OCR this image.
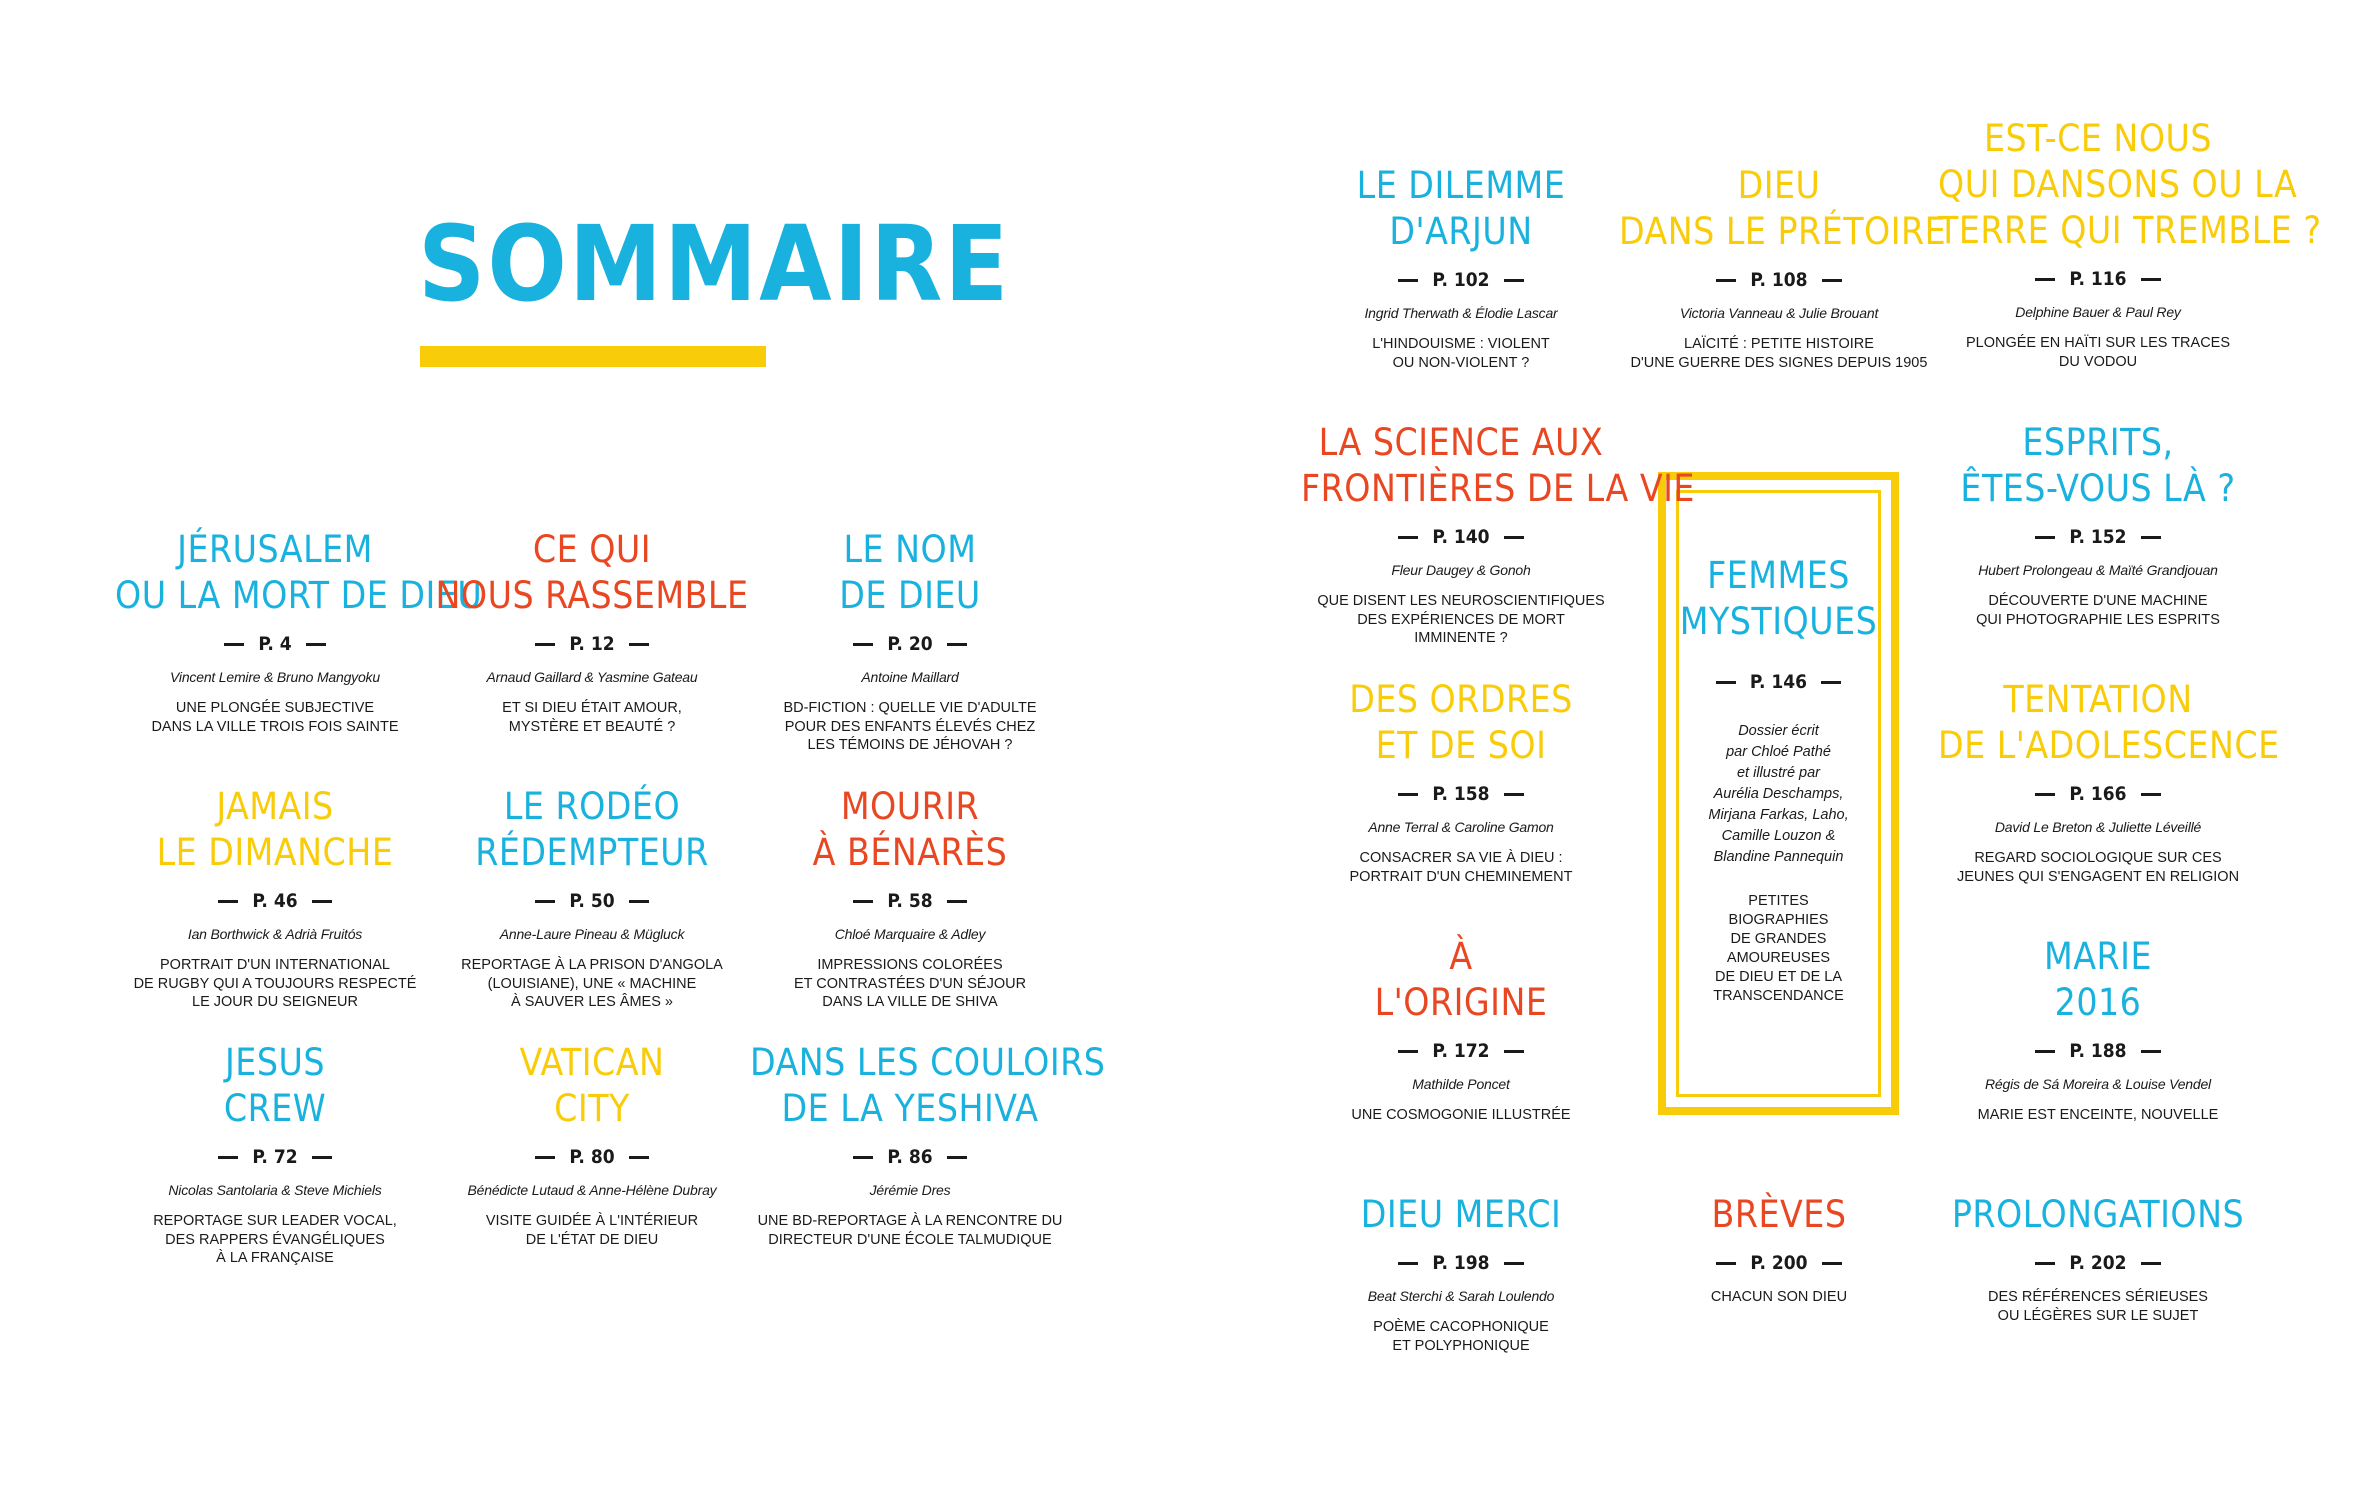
SOMMAIRE
FEMMES
MYSTIQUES
P. 146
Dossier écrit
par Chloé Pathé
et illustré par
Aurélia Deschamps,
Mirjana Farkas, Laho,
Camille Louzon &
Blandine Pannequin
PETITES
BIOGRAPHIES
DE GRANDES
AMOUREUSES
DE DIEU ET DE LA
TRANSCENDANCE
JÉRUSALEM
OU LA MORT DE DIEU
P. 4
Vincent Lemire & Bruno Mangyoku
UNE PLONGÉE SUBJECTIVE
DANS LA VILLE TROIS FOIS SAINTE
CE QUI
NOUS RASSEMBLE
P. 12
Arnaud Gaillard & Yasmine Gateau
ET SI DIEU ÉTAIT AMOUR,
MYSTÈRE ET BEAUTÉ ?
LE NOM
DE DIEU
P. 20
Antoine Maillard
BD-FICTION : QUELLE VIE D'ADULTE
POUR DES ENFANTS ÉLEVÉS CHEZ
LES TÉMOINS DE JÉHOVAH ?
JAMAIS
LE DIMANCHE
P. 46
Ian Borthwick & Adrià Fruitós
PORTRAIT D'UN INTERNATIONAL
DE RUGBY QUI A TOUJOURS RESPECTÉ
LE JOUR DU SEIGNEUR
LE RODÉO
RÉDEMPTEUR
P. 50
Anne-Laure Pineau & Mügluck
REPORTAGE À LA PRISON D'ANGOLA
(LOUISIANE), UNE « MACHINE
À SAUVER LES ÂMES »
MOURIR
À BÉNARÈS
P. 58
Chloé Marquaire & Adley
IMPRESSIONS COLORÉES
ET CONTRASTÉES D'UN SÉJOUR
DANS LA VILLE DE SHIVA
JESUS
CREW
P. 72
Nicolas Santolaria & Steve Michiels
REPORTAGE SUR LEADER VOCAL,
DES RAPPERS ÉVANGÉLIQUES
À LA FRANÇAISE
VATICAN
CITY
P. 80
Bénédicte Lutaud & Anne-Hélène Dubray
VISITE GUIDÉE À L'INTÉRIEUR
DE L'ÉTAT DE DIEU
DANS LES COULOIRS
DE LA YESHIVA
P. 86
Jérémie Dres
UNE BD-REPORTAGE À LA RENCONTRE DU
DIRECTEUR D'UNE ÉCOLE TALMUDIQUE
LE DILEMME
D'ARJUN
P. 102
Ingrid Therwath & Élodie Lascar
L'HINDOUISME : VIOLENT
OU NON-VIOLENT ?
DIEU
DANS LE PRÉTOIRE
P. 108
Victoria Vanneau & Julie Brouant
LAÏCITÉ : PETITE HISTOIRE
D'UNE GUERRE DES SIGNES DEPUIS 1905
EST-CE NOUS
QUI DANSONS OU LA
TERRE QUI TREMBLE ?
P. 116
Delphine Bauer & Paul Rey
PLONGÉE EN HAÏTI SUR LES TRACES
DU VODOU
LA SCIENCE AUX
FRONTIÈRES DE LA VIE
P. 140
Fleur Daugey & Gonoh
QUE DISENT LES NEUROSCIENTIFIQUES
DES EXPÉRIENCES DE MORT
IMMINENTE ?
ESPRITS,
ÊTES-VOUS LÀ ?
P. 152
Hubert Prolongeau & Maïté Grandjouan
DÉCOUVERTE D'UNE MACHINE
QUI PHOTOGRAPHIE LES ESPRITS
DES ORDRES
ET DE SOI
P. 158
Anne Terral & Caroline Gamon
CONSACRER SA VIE À DIEU :
PORTRAIT D'UN CHEMINEMENT
TENTATION
DE L'ADOLESCENCE
P. 166
David Le Breton & Juliette Léveillé
REGARD SOCIOLOGIQUE SUR CES
JEUNES QUI S'ENGAGENT EN RELIGION
À
L'ORIGINE
P. 172
Mathilde Poncet
UNE COSMOGONIE ILLUSTRÉE
MARIE
2016
P. 188
Régis de Sá Moreira & Louise Vendel
MARIE EST ENCEINTE, NOUVELLE
DIEU MERCI
P. 198
Beat Sterchi & Sarah Loulendo
POÈME CACOPHONIQUE
ET POLYPHONIQUE
BRÈVES
P. 200
CHACUN SON DIEU
PROLONGATIONS
P. 202
DES RÉFÉRENCES SÉRIEUSES
OU LÉGÈRES SUR LE SUJET
